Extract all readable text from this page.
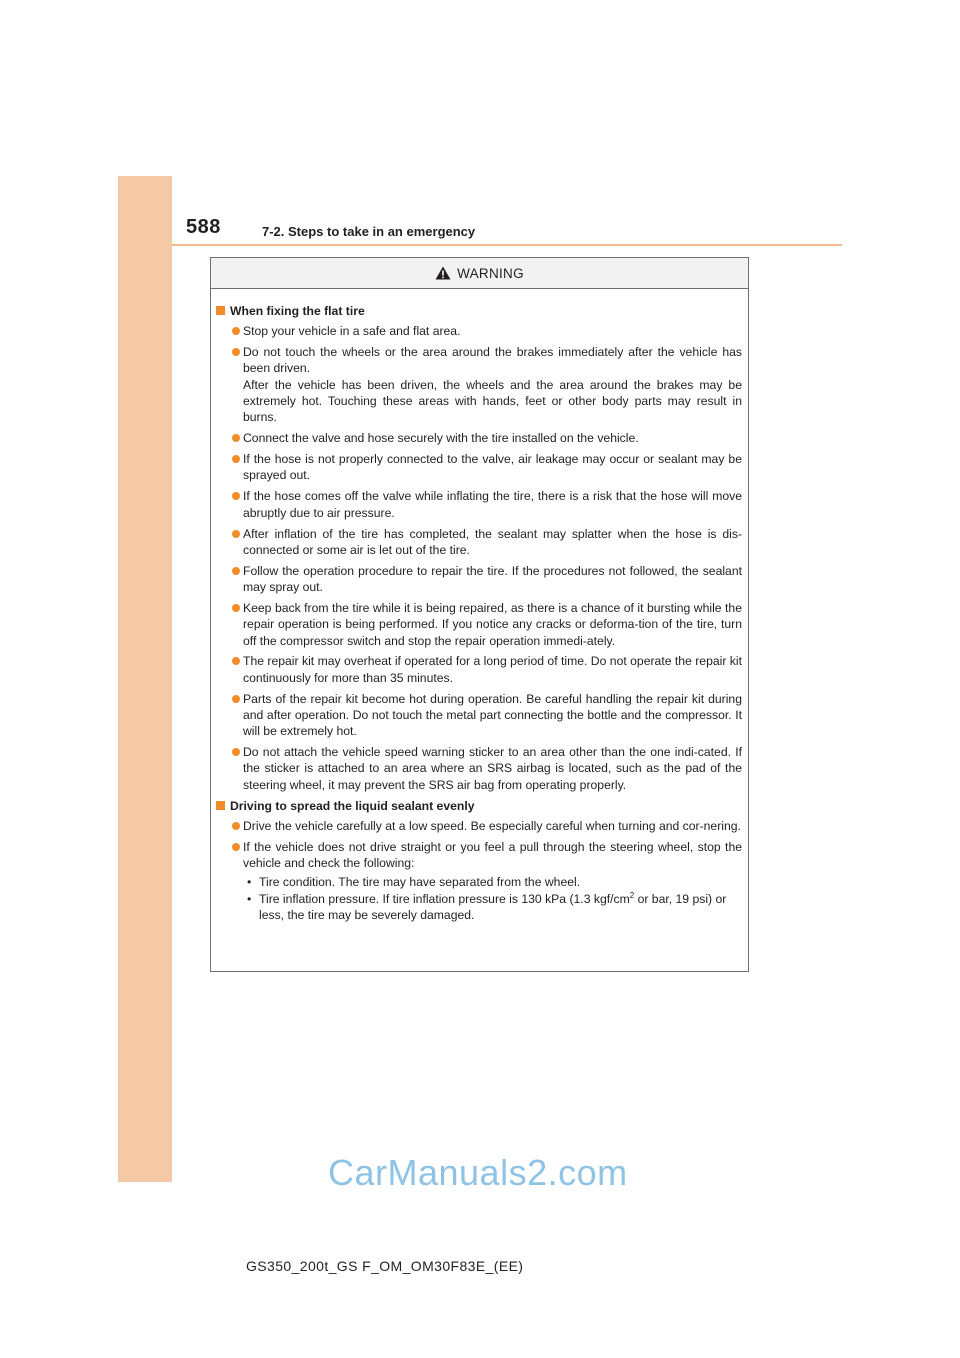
588	7-2. Steps to take in an emergency
WARNING
When fixing the flat tire
Stop your vehicle in a safe and flat area.
Do not touch the wheels or the area around the brakes immediately after the vehicle has been driven.
After the vehicle has been driven, the wheels and the area around the brakes may be extremely hot. Touching these areas with hands, feet or other body parts may result in burns.
Connect the valve and hose securely with the tire installed on the vehicle.
If the hose is not properly connected to the valve, air leakage may occur or sealant may be sprayed out.
If the hose comes off the valve while inflating the tire, there is a risk that the hose will move abruptly due to air pressure.
After inflation of the tire has completed, the sealant may splatter when the hose is dis-connected or some air is let out of the tire.
Follow the operation procedure to repair the tire. If the procedures not followed, the sealant may spray out.
Keep back from the tire while it is being repaired, as there is a chance of it bursting while the repair operation is being performed. If you notice any cracks or deforma-tion of the tire, turn off the compressor switch and stop the repair operation immedi-ately.
The repair kit may overheat if operated for a long period of time. Do not operate the repair kit continuously for more than 35 minutes.
Parts of the repair kit become hot during operation. Be careful handling the repair kit during and after operation. Do not touch the metal part connecting the bottle and the compressor. It will be extremely hot.
Do not attach the vehicle speed warning sticker to an area other than the one indi-cated. If the sticker is attached to an area where an SRS airbag is located, such as the pad of the steering wheel, it may prevent the SRS air bag from operating properly.
Driving to spread the liquid sealant evenly
Drive the vehicle carefully at a low speed. Be especially careful when turning and cor-nering.
If the vehicle does not drive straight or you feel a pull through the steering wheel, stop the vehicle and check the following:
• Tire condition. The tire may have separated from the wheel.
• Tire inflation pressure. If tire inflation pressure is 130 kPa (1.3 kgf/$cm^2$ or bar, 19 psi) or less, the tire may be severely damaged.
CarManuals2.com
GS350_200t_GS F_OM_OM30F83E_(EE)
